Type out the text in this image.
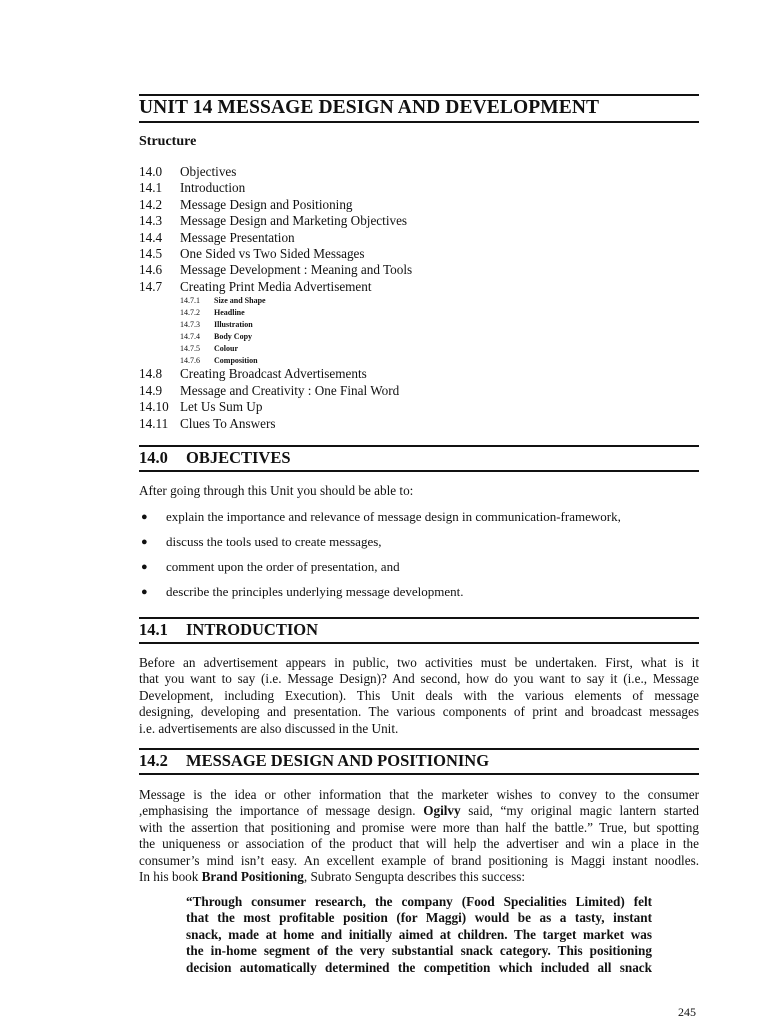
UNIT 14 MESSAGE DESIGN AND DEVELOPMENT
Structure
14.0	Objectives
14.1	Introduction
14.2	Message Design and Positioning
14.3	Message Design and Marketing Objectives
14.4	Message Presentation
14.5	One Sided vs Two Sided Messages
14.6	Message Development : Meaning and Tools
14.7	Creating Print Media Advertisement
14.7.1	Size and Shape
14.7.2	Headline
14.7.3	Illustration
14.7.4	Body Copy
14.7.5	Colour
14.7.6	Composition
14.8	Creating Broadcast Advertisements
14.9	Message and Creativity : One Final Word
14.10 Let Us Sum Up
14.11 Clues To Answers
14.0 OBJECTIVES
After going through this Unit you should be able to:
●	explain the importance and relevance of message design in communication-framework,
●	discuss the tools used to create messages,
●	comment upon the order of presentation, and
●	describe the principles underlying message development.
14.1 INTRODUCTION
Before an advertisement appears in public, two activities must be undertaken. First, what is it
that you want to say (i.e. Message Design)? And second, how do you want to say it (i.e., Message
Development, including Execution). This Unit deals with the various elements of message
designing, developing and presentation. The various components of print and broadcast messages
i.e. advertisements are also discussed in the Unit.
14.2 MESSAGE DESIGN AND POSITIONING
Message is the idea or other information that the marketer wishes to convey to the consumer
,emphasising the importance of message design. Ogilvy said, “my original magic lantern started
with the assertion that positioning and promise were more than half the battle.” True, but spotting
the uniqueness or association of the product that will help the advertiser and win a place in the
consumer’s mind isn’t easy. An excellent example of brand positioning is Maggi instant noodles.
In his book Brand Positioning, Subrato Sengupta describes this success:
“Through consumer research, the company (Food Specialities Limited) felt
that the most profitable position (for Maggi) would be as a tasty, instant
snack, made at home and initially aimed at children. The target market was
the in-home segment of the very substantial snack category. This positioning
decision automatically determined the competition which included all snack
245
